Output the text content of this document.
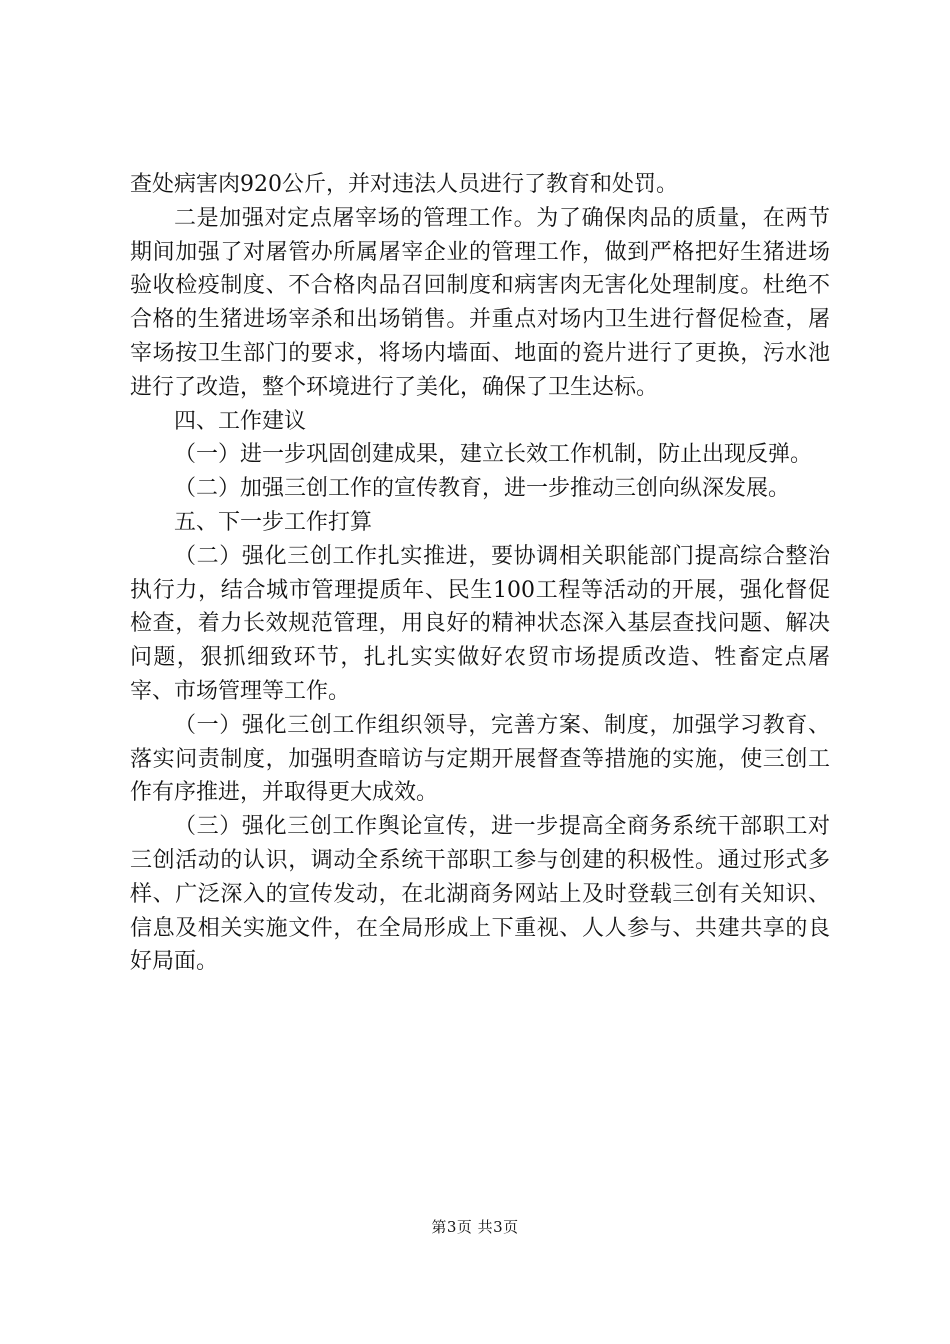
查处病害肉920公斤，并对违法人员进行了教育和处罚。

二是加强对定点屠宰场的管理工作。为了确保肉品的质量，在两节期间加强了对屠管办所属屠宰企业的管理工作，做到严格把好生猪进场验收检疫制度、不合格肉品召回制度和病害肉无害化处理制度。杜绝不合格的生猪进场宰杀和出场销售。并重点对场内卫生进行督促检查，屠宰场按卫生部门的要求，将场内墙面、地面的瓷片进行了更换，污水池进行了改造，整个环境进行了美化，确保了卫生达标。

四、工作建议

（一）进一步巩固创建成果，建立长效工作机制，防止出现反弹。

（二）加强三创工作的宣传教育，进一步推动三创向纵深发展。

五、下一步工作打算

（二）强化三创工作扎实推进，要协调相关职能部门提高综合整治执行力，结合城市管理提质年、民生100工程等活动的开展，强化督促检查，着力长效规范管理，用良好的精神状态深入基层查找问题、解决问题，狠抓细致环节，扎扎实实做好农贸市场提质改造、牲畜定点屠宰、市场管理等工作。

（一）强化三创工作组织领导，完善方案、制度，加强学习教育、落实问责制度，加强明查暗访与定期开展督查等措施的实施，使三创工作有序推进，并取得更大成效。

（三）强化三创工作舆论宣传，进一步提高全商务系统干部职工对三创活动的认识，调动全系统干部职工参与创建的积极性。通过形式多样、广泛深入的宣传发动，在北湖商务网站上及时登载三创有关知识、信息及相关实施文件，在全局形成上下重视、人人参与、共建共享的良好局面。

第3页 共3页
